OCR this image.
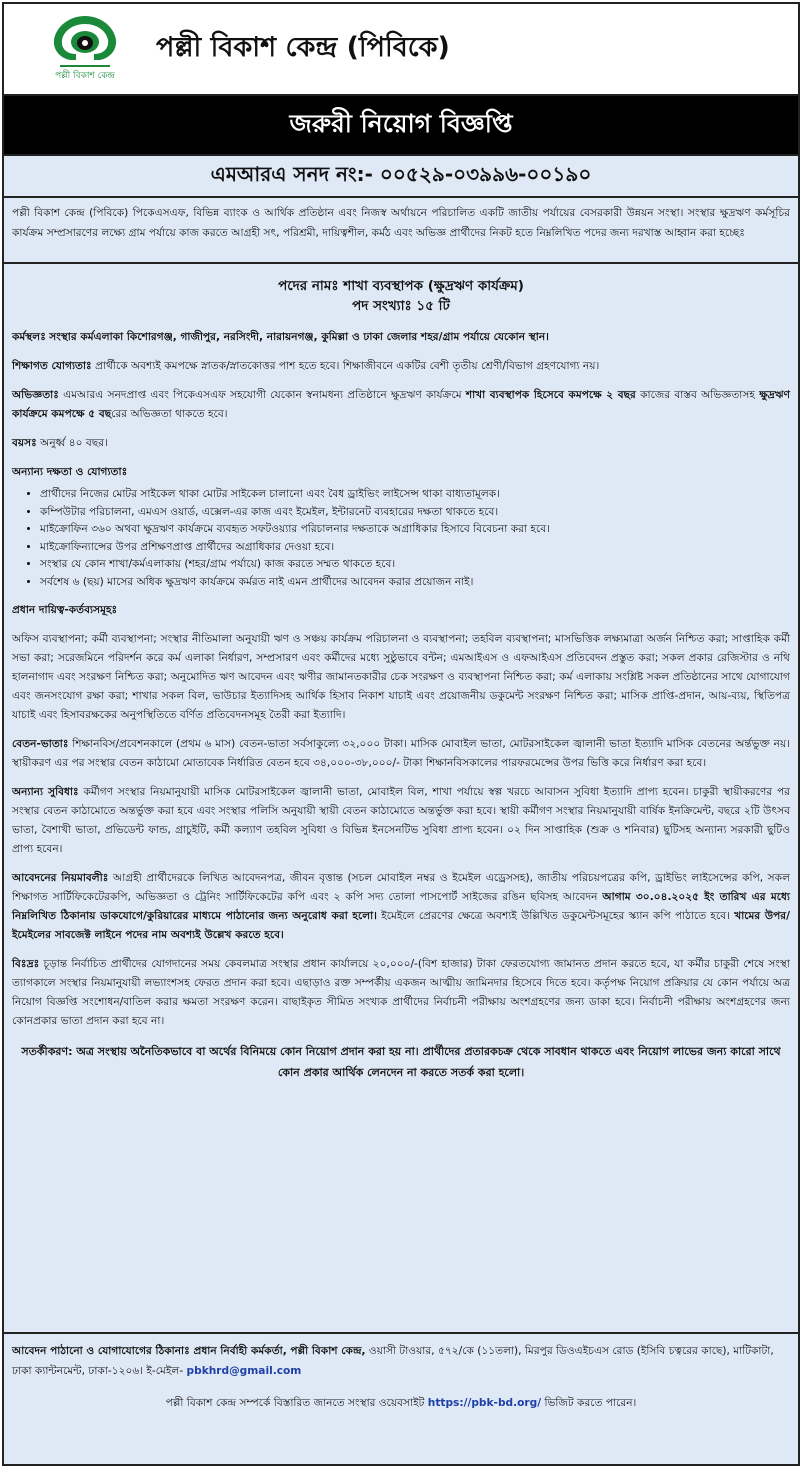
পল্লী বিকাশ কেন্দ্র
পল্লী বিকাশ কেন্দ্র (পিবিকে)
জরুরী নিয়োগ বিজ্ঞপ্তি
এমআরএ সনদ নং:- ০০৫২৯-০৩৯৯৬-০০১৯০
পল্লী বিকাশ কেন্দ্র (পিবিকে) পিকেএসএফ, বিভিন্ন ব্যাংক ও আর্থিক প্রতিষ্ঠান এবং নিজস্ব অর্থায়নে পরিচালিত একটি জাতীয় পর্যায়ের বেসরকারী উন্নয়ন সংস্থা। সংস্থার ক্ষুদ্রঋণ কর্মসূচির কার্যক্রম সম্প্রসারণের লক্ষ্যে গ্রাম পর্যায়ে কাজ করতে আগ্রহী সৎ, পরিশ্রমী, দায়িত্বশীল, কর্মঠ এবং অভিজ্ঞ প্রার্থীদের নিকট হতে নিম্নলিখিত পদের জন্য দরখাস্ত আহ্বান করা হচ্ছেঃ
পদের নামঃ শাখা ব্যবস্থাপক (ক্ষুদ্রঋণ কার্যক্রম)
পদ সংখ্যাঃ ১৫ টি

কর্মস্থলঃ সংস্থার কর্মএলাকা কিশোরগঞ্জ, গাজীপুর, নরসিংদী, নারায়নগঞ্জ, কুমিল্লা ও ঢাকা জেলার শহর/গ্রাম পর্যায়ে যেকোন স্থান।

শিক্ষাগত যোগ্যতাঃ প্রার্থীকে অবশ্যই কমপক্ষে স্নাতক/স্নাতকোত্তর পাশ হতে হবে। শিক্ষাজীবনে একটির বেশী তৃতীয় শ্রেণী/বিভাগ গ্রহণযোগ্য নয়।

অভিজ্ঞতাঃ এমআরএ সনদপ্রাপ্ত এবং পিকেএসএফ সহযোগী যেকোন স্বনামধন্য প্রতিষ্ঠানে ক্ষুদ্রঋণ কার্যক্রমে শাখা ব্যবস্থাপক হিসেবে কমপক্ষে ২ বছর কাজের বাস্তব অভিজ্ঞতাসহ ক্ষুদ্রঋণ কার্যক্রমে কমপক্ষে ৫ বছরের অভিজ্ঞতা থাকতে হবে।

বয়সঃ অনুর্ধ্ব ৪০ বছর।

অন্যান্য দক্ষতা ও যোগ্যতাঃ

• প্রার্থীদের নিজের মোটর সাইকেল থাকা মোটর সাইকেল চালানো এবং বৈধ ড্রাইভিং লাইসেন্স থাকা বাধ্যতামূলক।
• কম্পিউটার পরিচালনা, এমএস ওয়ার্ড, এক্সেল-এর কাজ এবং ইমেইল, ইন্টারনেট ব্যবহারের দক্ষতা থাকতে হবে।
• মাইক্রোফিন ৩৬০ অথবা ক্ষুদ্রঋণ কার্যক্রমে ব্যবহৃত সফটওয়্যার পরিচালনার দক্ষতাকে অগ্রাধিকার হিসাবে বিবেচনা করা হবে।
• মাইক্রোফিন্যান্সের উপর প্রশিক্ষণপ্রাপ্ত প্রার্থীদের অগ্রাধিকার দেওয়া হবে।
• সংস্থার যে কোন শাখা/কর্মএলাকায় (শহর/গ্রাম পর্যায়ে) কাজ করতে সম্মত থাকতে হবে।
• সর্বশেষ ৬ (ছয়) মাসের অধিক ক্ষুদ্রঋণ কার্যক্রমে কর্মরত নাই এমন প্রার্থীদের আবেদন করার প্রয়োজন নাই।

প্রধান দায়িত্ব-কর্তব্যসমূহঃ

অফিস ব্যবস্থাপনা; কর্মী ব্যবস্থাপনা; সংস্থার নীতিমালা অনুযায়ী ঋণ ও সঞ্চয় কার্যক্রম পরিচালনা ও ব্যবস্থাপনা; তহবিল ব্যবস্থাপনা; মাসভিত্তিক লক্ষ্যমাত্রা অর্জন নিশ্চিত করা; সাপ্তাহিক কর্মী সভা করা; সরেজমিনে পরিদর্শন করে কর্ম এলাকা নির্ধারণ, সম্প্রসারণ এবং কর্মীদের মধ্যে সুষ্ঠুভাবে বন্টন; এমআইএস ও এফআইএস প্রতিবেদন প্রস্তুত করা; সকল প্রকার রেজিস্টার ও নথি হালনাগাদ এবং সংরক্ষণ নিশ্চিত করা; অনুমোদিত ঋণ আবেদন এবং ঋণীর জামানতকারীর চেক সংরক্ষণ ও ব্যবস্থাপনা নিশ্চিত করা; কর্ম এলাকায় সংশ্লিষ্ট সকল প্রতিষ্ঠানের সাথে যোগাযোগ এবং জনসংযোগ রক্ষা করা; শাখার সকল বিল, ভাউচার ইত্যাদিসহ আর্থিক হিসাব নিকাশ যাচাই এবং প্রয়োজনীয় ডকুমেন্ট সংরক্ষণ নিশ্চিত করা; মাসিক প্রাপ্তি-প্রদান, আয়-ব্যয়, স্থিতিপত্র যাচাই এবং হিসাবরক্ষকের অনুপস্থিতিতে বর্ণিত প্রতিবেদনসমূহ তৈরী করা ইত্যাদি।

বেতন-ভাতাঃ শিক্ষানবিস/প্রবেশনকালে (প্রথম ৬ মাস) বেতন-ভাতা সর্বসাকুল্যে ৩২,০০০ টাকা। মাসিক মোবাইল ভাতা, মোটরসাইকেল জ্বালানী ভাতা ইত্যাদি মাসিক বেতনের অর্ন্তভুক্ত নয়। স্থায়ীকরণ এর পর সংস্থার বেতন কাঠামো মোতাবেক নির্ধারিত বেতন হবে ৩৪,০০০-৩৮,০০০/- টাকা শিক্ষানবিসকালের পারফরমেন্সের উপর ভিত্তি করে নির্ধারণ করা হবে।

অন্যান্য সুবিধাঃ কর্মীগণ সংস্থার নিয়মানুযায়ী মাসিক মোটরসাইকেল জ্বালানী ভাতা, মোবাইল বিল, শাখা পর্যায়ে স্বল্প খরচে আবাসন সুবিধা ইত্যাদি প্রাপ্য হবেন। চাকুরী স্থায়ীকরণের পর সংস্থার বেতন কাঠামোতে অন্তর্ভুক্ত করা হবে এবং সংস্থার পলিসি অনুযায়ী স্থায়ী বেতন কাঠামোতে অন্তর্ভুক্ত করা হবে। স্থায়ী কর্মীগণ সংস্থার নিয়মানুযায়ী বার্ষিক ইনক্রিমেন্ট, বছরে ২টি উৎসব ভাতা, বৈশাখী ভাতা, প্রভিডেন্ট ফান্ড, গ্রাচুইটি, কর্মী কল্যাণ তহবিল সুবিধা ও বিভিন্ন ইনসেনটিভ সুবিধা প্রাপ্য হবেন। ০২ দিন সাপ্তাহিক (শুক্র ও শনিবার) ছুটিসহ অন্যান্য সরকারী ছুটিও প্রাপ্য হবেন।

আবেদনের নিয়মাবলীঃ আগ্রহী প্রার্থীদেরকে লিখিত আবেদনপত্র, জীবন বৃত্তান্ত (সচল মোবাইল নম্বর ও ইমেইল এড্রেসসহ), জাতীয় পরিচয়পত্রের কপি, ড্রাইভিং লাইসেন্সের কপি, সকল শিক্ষাগত সার্টিফিকেটেরকপি, অভিজ্ঞতা ও ট্রেনিং সার্টিফিকেটের কপি এবং ২ কপি সদ্য তোলা পাসপোর্ট সাইজের রঙিন ছবিসহ আবেদন আগাম ৩০.০৪.২০২৫ ইং তারিখ এর মধ্যে নিম্নলিখিত ঠিকানায় ডাকযোগে/কুরিয়ারের মাধ্যমে পাঠানোর জন্য অনুরোধ করা হলো। ইমেইলে প্রেরণের ক্ষেত্রে অবশ্যই উল্লিখিত ডকুমেন্টসমূহের স্ক্যান কপি পাঠাতে হবে। খামের উপর/ইমেইলের সাবজেক্ট লাইনে পদের নাম অবশ্যই উল্লেখ করতে হবে।

বিঃদ্রঃ চূড়ান্ত নির্বাচিত প্রার্থীদের যোগদানের সময় কেবলমাত্র সংস্থার প্রধান কার্যালয়ে ২০,০০০/-(বিশ হাজার) টাকা ফেরতযোগ্য জামানত প্রদান করতে হবে, যা কর্মীর চাকুরী শেষে সংস্থা ত্যাগকালে সংস্থার নিয়মানুযায়ী লভ্যাংশসহ ফেরত প্রদান করা হবে। এছাড়াও রক্ত সম্পর্কীয় একজন আত্মীয় জামিনদার হিসেবে দিতে হবে। কর্তৃপক্ষ নিয়োগ প্রক্রিয়ার যে কোন পর্যায়ে অত্র নিয়োগ বিজ্ঞপ্তি সংশোধন/বাতিল করার ক্ষমতা সংরক্ষণ করেন। বাছাইকৃত সীমিত সংখ্যক প্রার্থীদের নির্বাচনী পরীক্ষায় অংশগ্রহণের জন্য ডাকা হবে। নির্বাচনী পরীক্ষায় অংশগ্রহণের জন্য কোনপ্রকার ভাতা প্রদান করা হবে না।

সতর্কীকরণ: অত্র সংস্থায় অনৈতিকভাবে বা অর্থের বিনিময়ে কোন নিয়োগ প্রদান করা হয় না। প্রার্থীদের প্রতারকচক্র থেকে সাবধান থাকতে এবং নিয়োগ লাভের জন্য কারো সাথে কোন প্রকার আর্থিক লেনদেন না করতে সতর্ক করা হলো।

আবেদন পাঠানো ও যোগাযোগের ঠিকানাঃ প্রধান নির্বাহী কর্মকর্তা, পল্লী বিকাশ কেন্দ্র, ওয়াসী টাওয়ার, ৫৭২/কে (১১তলা), মিরপুর ডিওএইচএস রোড (ইসিবি চত্বরের কাছে), মাটিকাটা, ঢাকা ক্যান্টনমেন্ট, ঢাকা-১২০৬। ই-মেইল- pbkhrd@gmail.com
পল্লী বিকাশ কেন্দ্র সম্পর্কে বিস্তারিত জানতে সংস্থার ওয়েবসাইট https://pbk-bd.org/ ভিজিট করতে পারেন।
